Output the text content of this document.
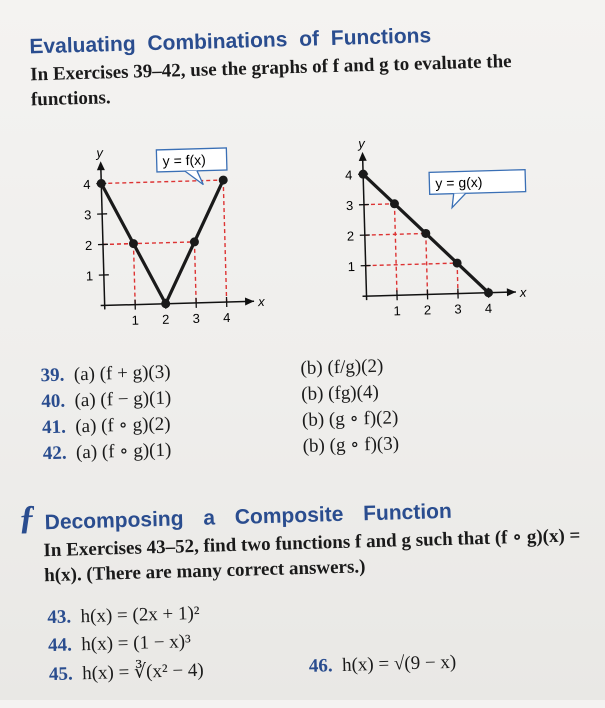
Evaluating Combinations of Functions
In Exercises 39–42, use the graphs of f and g to evaluate the functions.
x
y
1 2 3 4
1
2
3
4
y = f(x)
x
y
1 2 3 4
1
2
3
4	y = g(x)
39.  (a) (f + g)(3)	(b) (f/g)(2)
40.  (a) (f − g)(1)	(b) (fg)(4)
41.  (a) (f ∘ g)(2)	(b) (g ∘ f)(2)
42.  (a) (f ∘ g)(1)	(b) (g ∘ f)(3)
ƒ Decomposing a Composite Function
In Exercises 43–52, find two functions f and g such that (f ∘ g)(x) = h(x). (There are many correct answers.)
43.  h(x) = (2x + 1)²
44.  h(x) = (1 − x)³
45.  h(x) = ∛(x² − 4)	46.  h(x) = √(9 − x)
